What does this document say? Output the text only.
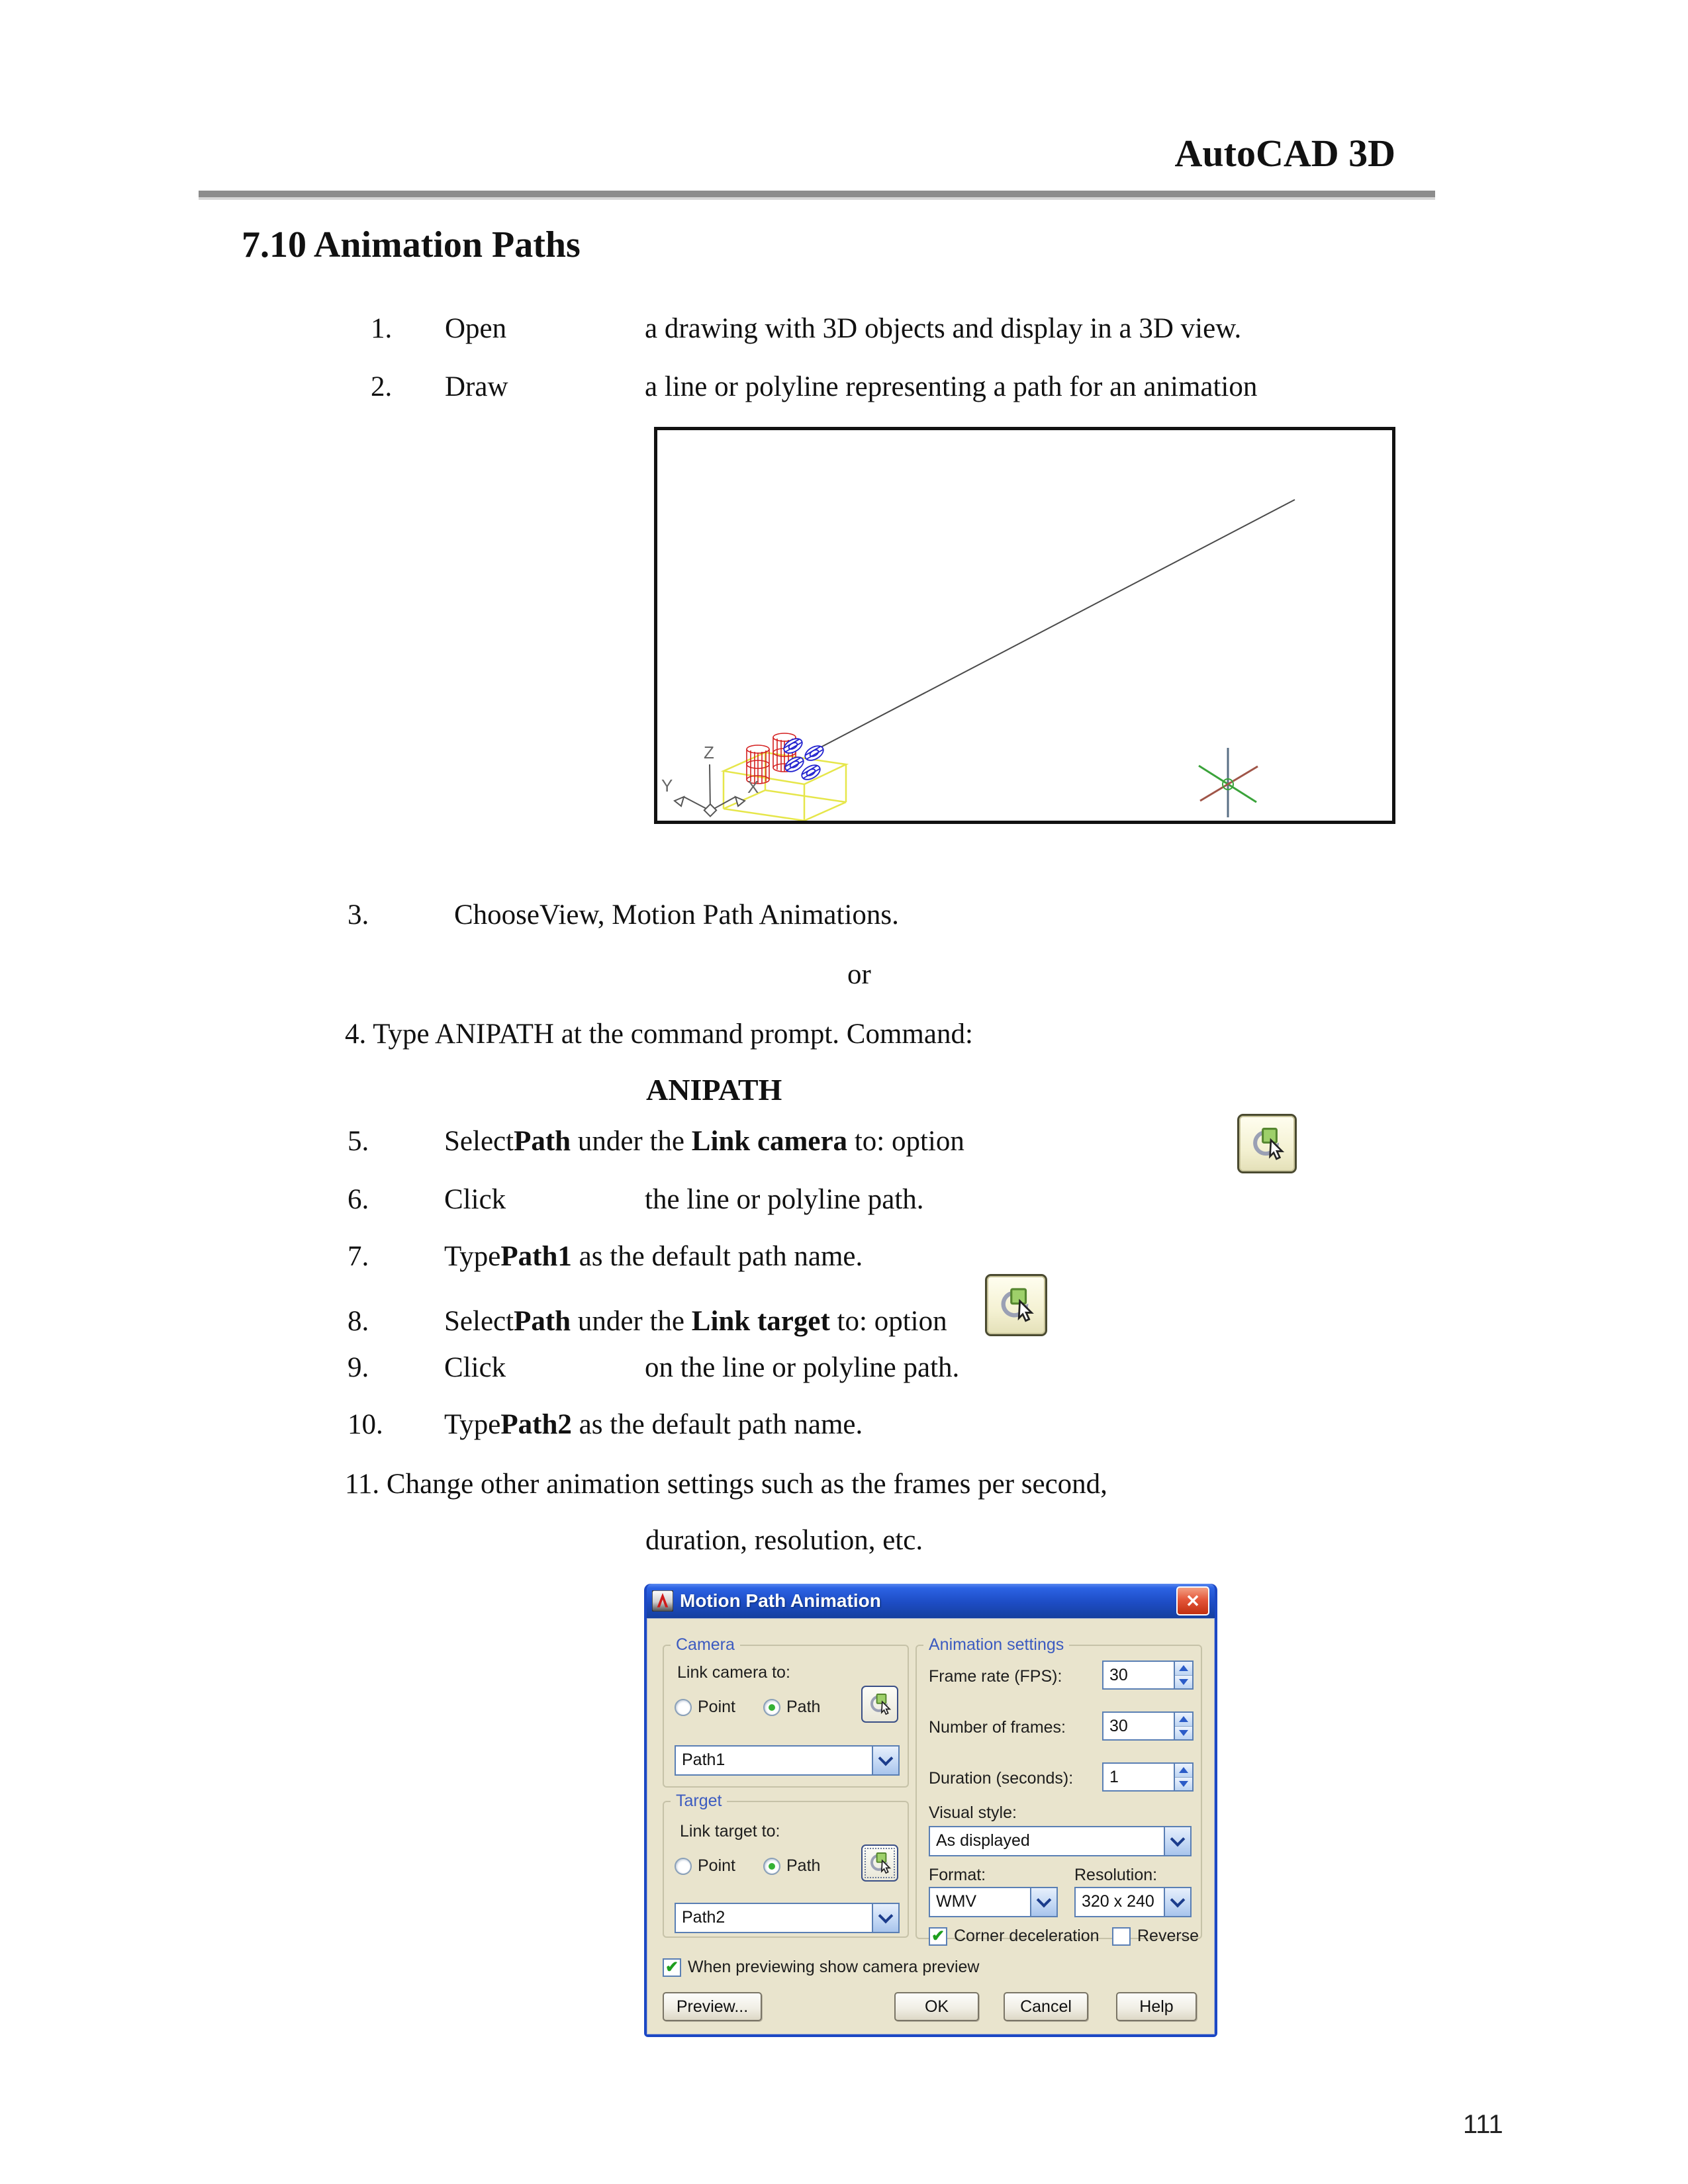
AutoCAD 3D
7.10 Animation Paths
1. Open	a drawing with 3D objects and display in a 3D view.
2. Draw	a line or polyline representing a path for an animation
Z
Y	X
3.	ChooseView, Motion Path Animations.
or
4. Type ANIPATH at the command prompt. Command:
ANIPATH
5.	SelectPath under the Link camera to: option
6.	Click	the line or polyline path.
7.	TypePath1 as the default path name.
8.	SelectPath under the Link target to: option
9.	Click	on the line or polyline path.
10. TypePath2 as the default path name.
11. Change other animation settings such as the frames per second,
duration, resolution, etc.
Motion Path Animation	✕
Camera
Link camera to:
Point	Path
Path1
Target
Link target to:
Point	Path
Path2
Animation settings
Frame rate (FPS):	30
Number of frames:	30
Duration (seconds):	1
Visual style:
As displayed
Format:	Resolution:
WMV	320 x 240
✔ Corner deceleration Reverse
✔ When previewing show camera preview
Preview...	OK	Cancel	Help
111
